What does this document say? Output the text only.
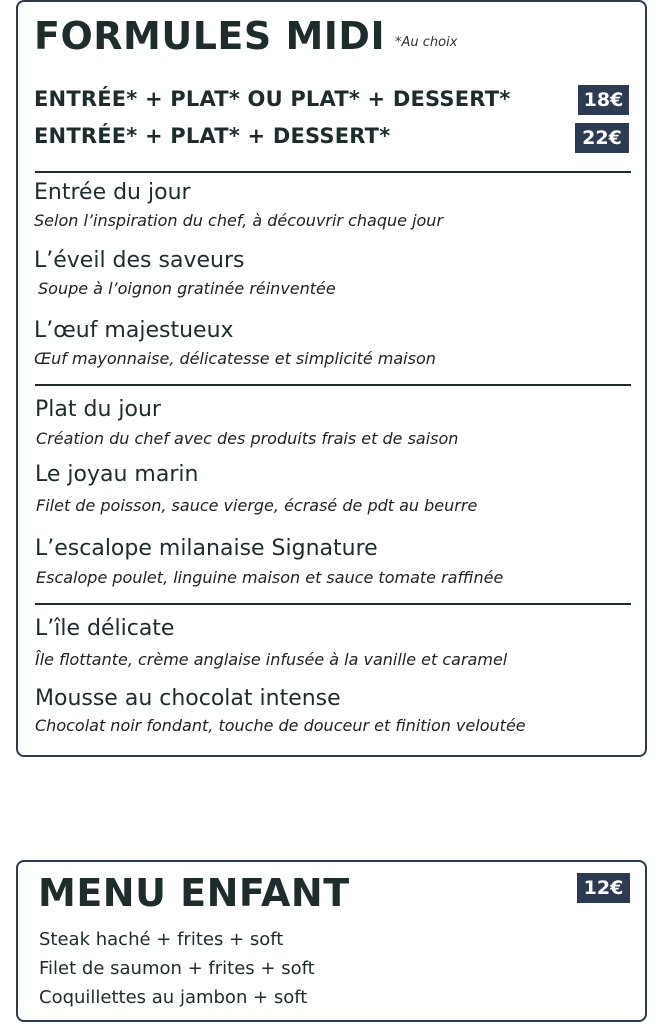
FORMULES MIDI *Au choix
ENTRÉE* + PLAT* OU PLAT* + DESSERT*	18€
ENTRÉE* + PLAT* + DESSERT*	22€
Entrée du jour
Selon l’inspiration du chef, à découvrir chaque jour
L’éveil des saveurs
Soupe à l’oignon gratinée réinventée
L’œuf majestueux
Œuf mayonnaise, délicatesse et simplicité maison
Plat du jour
Création du chef avec des produits frais et de saison
Le joyau marin
Filet de poisson, sauce vierge, écrasé de pdt au beurre
L’escalope milanaise Signature
Escalope poulet, linguine maison et sauce tomate raffinée
L’île délicate
Île flottante, crème anglaise infusée à la vanille et caramel
Mousse au chocolat intense
Chocolat noir fondant, touche de douceur et finition veloutée
MENU ENFANT	12€
Steak haché + frites + soft
Filet de saumon + frites + soft
Coquillettes au jambon + soft
